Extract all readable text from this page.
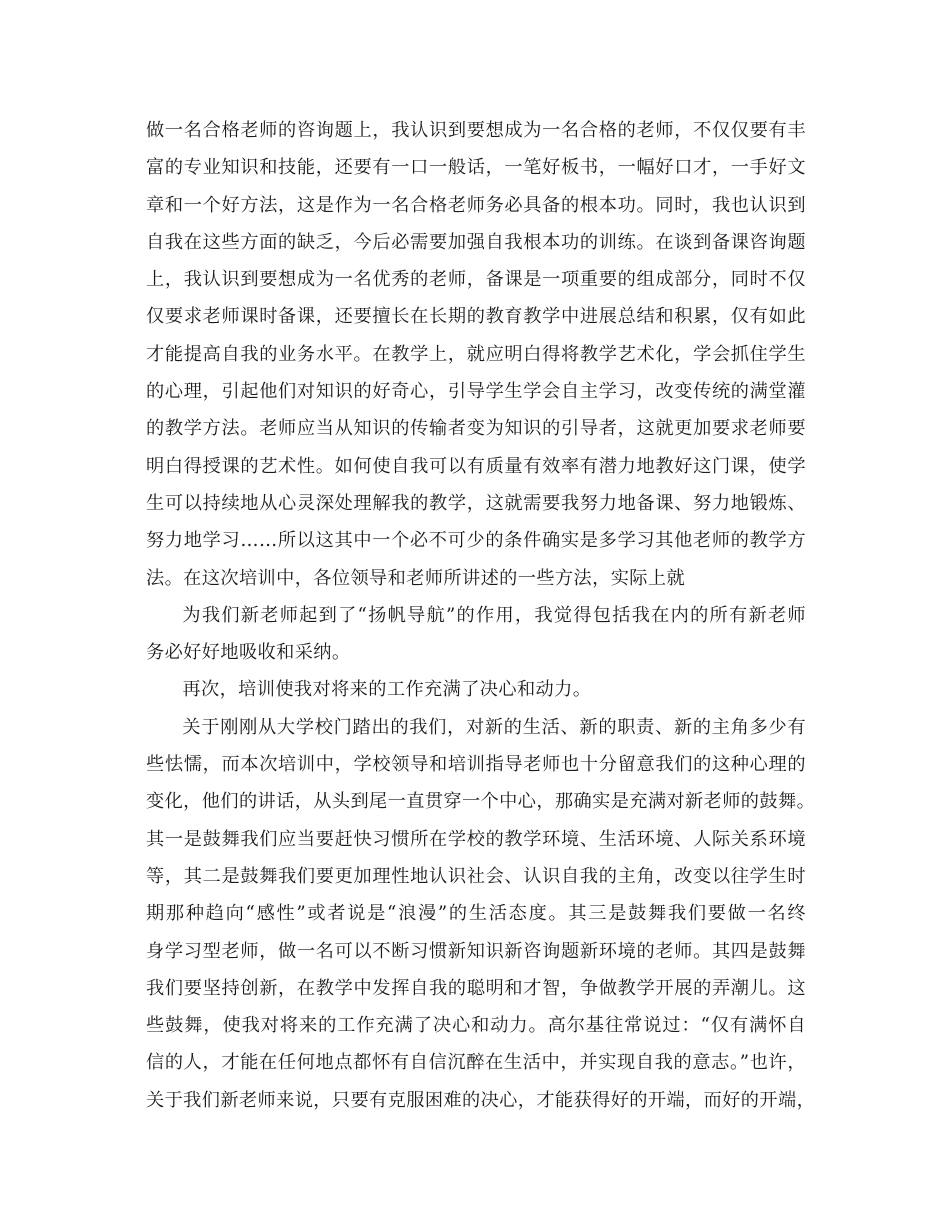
做一名合格老师的咨询题上，我认识到要想成为一名合格的老师，不仅仅要有丰
富的专业知识和技能，还要有一口一般话，一笔好板书，一幅好口才，一手好文
章和一个好方法，这是作为一名合格老师务必具备的根本功。同时，我也认识到
自我在这些方面的缺乏，今后必需要加强自我根本功的训练。在谈到备课咨询题
上，我认识到要想成为一名优秀的老师，备课是一项重要的组成部分，同时不仅
仅要求老师课时备课，还要擅长在长期的教育教学中进展总结和积累，仅有如此
才能提高自我的业务水平。在教学上，就应明白得将教学艺术化，学会抓住学生
的心理，引起他们对知识的好奇心，引导学生学会自主学习，改变传统的满堂灌
的教学方法。老师应当从知识的传输者变为知识的引导者，这就更加要求老师要
明白得授课的艺术性。如何使自我可以有质量有效率有潜力地教好这门课，使学
生可以持续地从心灵深处理解我的教学，这就需要我努力地备课、努力地锻炼、
努力地学习……所以这其中一个必不可少的条件确实是多学习其他老师的教学方
法。在这次培训中，各位领导和老师所讲述的一些方法，实际上就

为我们新老师起到了“扬帆导航”的作用，我觉得包括我在内的所有新老师
务必好好地吸收和采纳。

再次，培训使我对将来的工作充满了决心和动力。

关于刚刚从大学校门踏出的我们，对新的生活、新的职责、新的主角多少有
些怯懦，而本次培训中，学校领导和培训指导老师也十分留意我们的这种心理的
变化，他们的讲话，从头到尾一直贯穿一个中心，那确实是充满对新老师的鼓舞。
其一是鼓舞我们应当要赶快习惯所在学校的教学环境、生活环境、人际关系环境
等，其二是鼓舞我们要更加理性地认识社会、认识自我的主角，改变以往学生时
期那种趋向“感性”或者说是“浪漫”的生活态度。其三是鼓舞我们要做一名终
身学习型老师，做一名可以不断习惯新知识新咨询题新环境的老师。其四是鼓舞
我们要坚持创新，在教学中发挥自我的聪明和才智，争做教学开展的弄潮儿。这
些鼓舞，使我对将来的工作充满了决心和动力。高尔基往常说过：“仅有满怀自
信的人，才能在任何地点都怀有自信沉醉在生活中，并实现自我的意志。”也许，
关于我们新老师来说，只要有克服困难的决心，才能获得好的开端，而好的开端，
